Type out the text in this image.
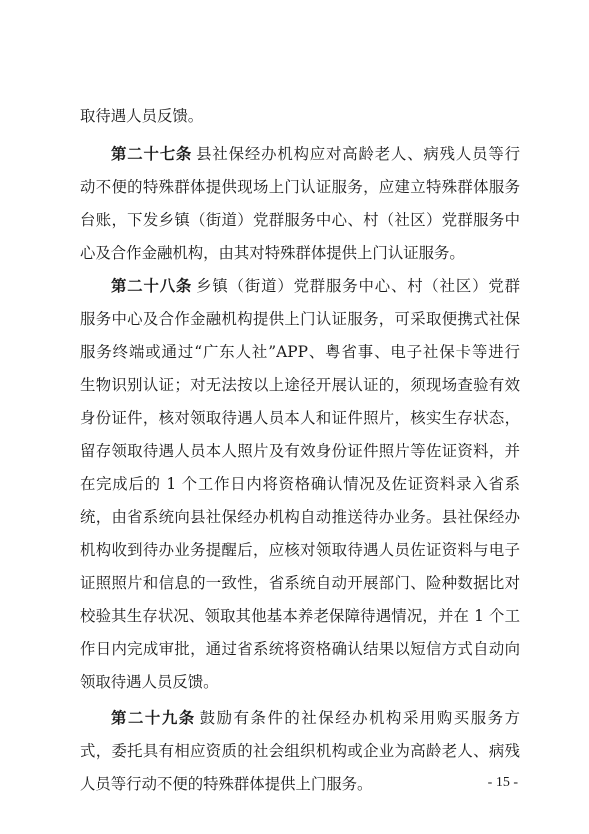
取待遇人员反馈。
第二十七条 县社保经办机构应对高龄老人、病残人员等行
动不便的特殊群体提供现场上门认证服务，应建立特殊群体服务
台账，下发乡镇（街道）党群服务中心、村（社区）党群服务中
心及合作金融机构，由其对特殊群体提供上门认证服务。
第二十八条 乡镇（街道）党群服务中心、村（社区）党群
服务中心及合作金融机构提供上门认证服务，可采取便携式社保
服务终端或通过“广东人社”APP、粤省事、电子社保卡等进行
生物识别认证；对无法按以上途径开展认证的，须现场查验有效
身份证件，核对领取待遇人员本人和证件照片，核实生存状态，
留存领取待遇人员本人照片及有效身份证件照片等佐证资料，并
在完成后的 1 个工作日内将资格确认情况及佐证资料录入省系
统，由省系统向县社保经办机构自动推送待办业务。县社保经办
机构收到待办业务提醒后，应核对领取待遇人员佐证资料与电子
证照照片和信息的一致性，省系统自动开展部门、险种数据比对
校验其生存状况、领取其他基本养老保障待遇情况，并在 1 个工
作日内完成审批，通过省系统将资格确认结果以短信方式自动向
领取待遇人员反馈。
第二十九条 鼓励有条件的社保经办机构采用购买服务方
式，委托具有相应资质的社会组织机构或企业为高龄老人、病残
人员等行动不便的特殊群体提供上门服务。	- 15 -
